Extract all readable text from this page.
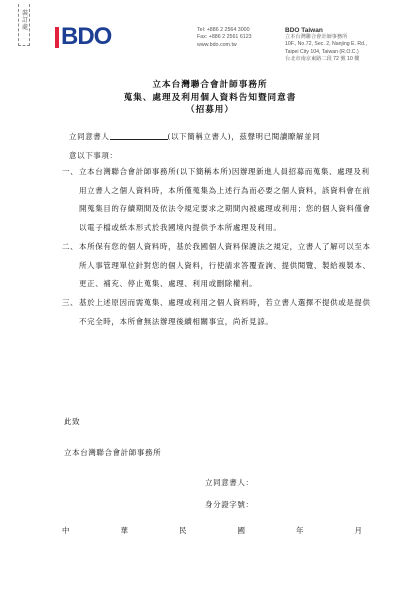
裝訂處 BDO	Tel: +886 2 2564 3000
Fax: +886 2 2561 6123
www.bdo.com.tw
BDO Taiwan
立本台灣聯合會計師事務所
10F., No.72, Sec. 2, Nanjing E. Rd.,
Taipei City 104, Taiwan (R.O.C.)
台北市南京東路二段 72 號 10 樓
立本台灣聯合會計師事務所
蒐集、處理及利用個人資料告知暨同意書
（招募用）
立同意書人	(以下簡稱立書人)，茲聲明已閱讀瞭解並同
意以下事項：
一、 立本台灣聯合會計師事務所(以下簡稱本所)因辦理新進人員招募而蒐集、處理及利用立書人之個人資料時，本所僅蒐集為上述行為而必要之個人資料，該資料會在前開蒐集目的存續期間及依法令規定要求之期間內被處理或利用；您的個人資料僅會以電子檔或紙本形式於我國境內提供予本所處理及利用。
二、 本所保有您的個人資料時，基於我國個人資料保護法之規定，立書人了解可以至本所人事管理單位針對您的個人資料，行使請求答覆查詢、提供閱覽、製給複製本、更正、補充、停止蒐集、處理、利用或刪除權利。
三、 基於上述原因而需蒐集、處理或利用之個人資料時，若立書人選擇不提供或是提供不完全時，本所會無法辦理後續相關事宜，尚祈見諒。
此致
立本台灣聯合會計師事務所
立同意書人：
身分證字號：
中	華	民	國	年	月
